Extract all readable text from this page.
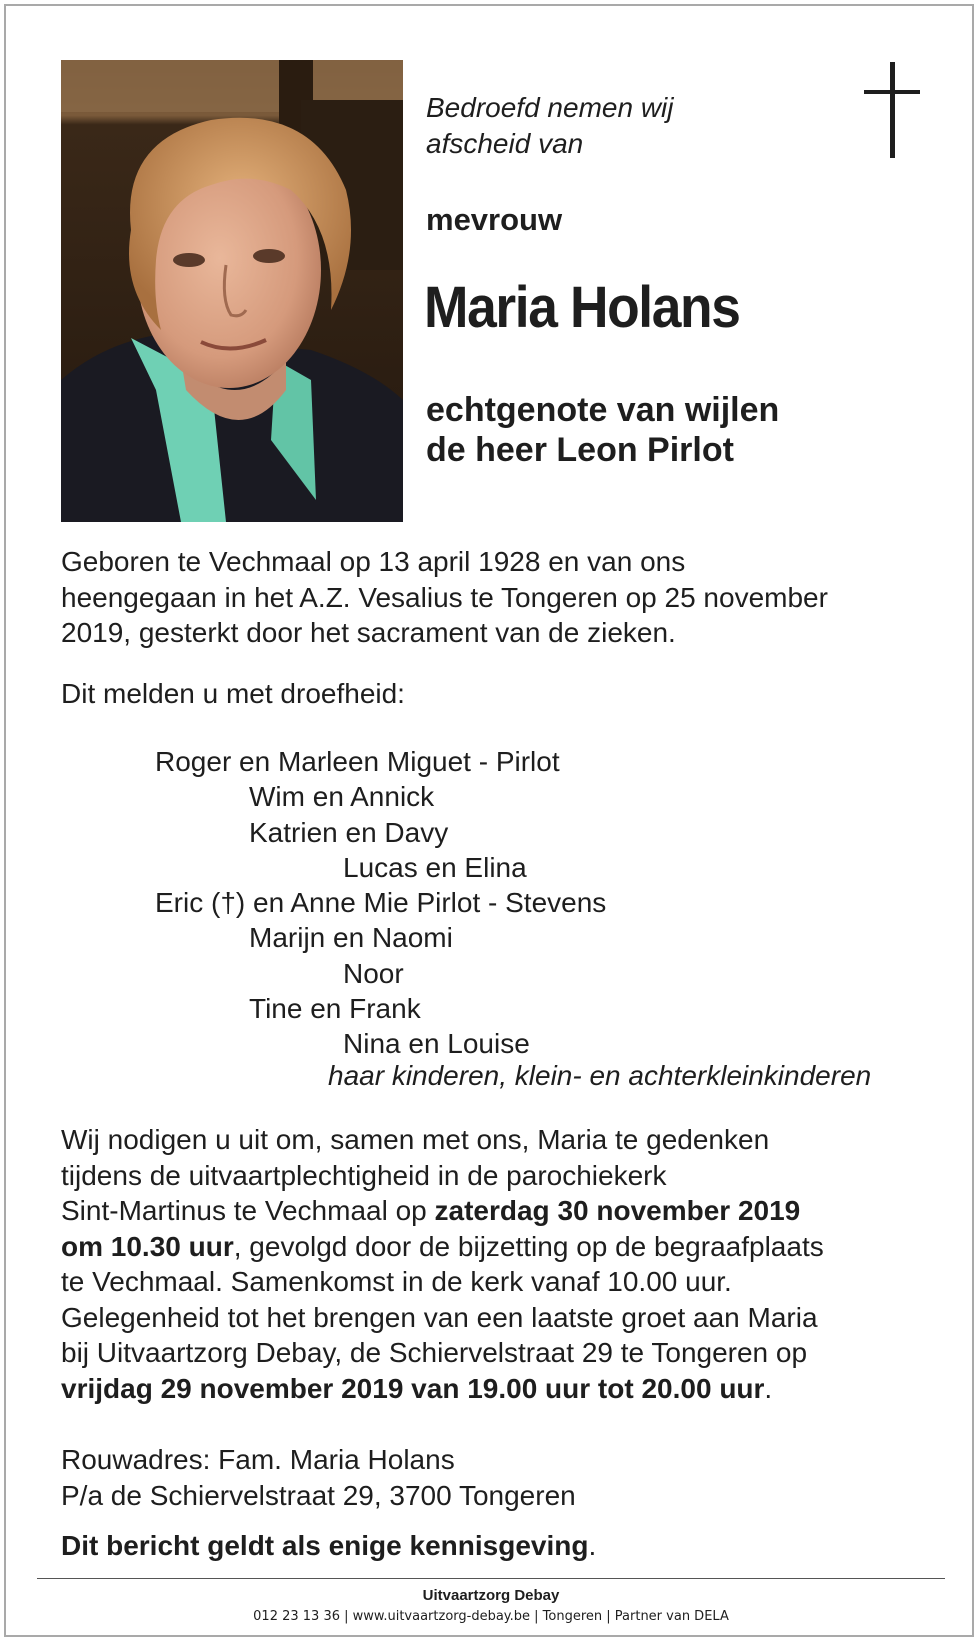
Bedroefd nemen wij
afscheid van
mevrouw
Maria Holans
echtgenote van wijlen
de heer Leon Pirlot
Geboren te Vechmaal op 13 april 1928 en van ons
heengegaan in het A.Z. Vesalius te Tongeren op 25 november
2019, gesterkt door het sacrament van de zieken.
Dit melden u met droefheid:
Roger en Marleen Miguet - Pirlot
Wim en Annick
Katrien en Davy
Lucas en Elina
Eric (†) en Anne Mie Pirlot - Stevens
Marijn en Naomi
Noor
Tine en Frank
Nina en Louise
haar kinderen, klein- en achterkleinkinderen
Wij nodigen u uit om, samen met ons, Maria te gedenken
tijdens de uitvaartplechtigheid in de parochiekerk
Sint-Martinus te Vechmaal op zaterdag 30 november 2019
om 10.30 uur, gevolgd door de bijzetting op de begraafplaats
te Vechmaal. Samenkomst in de kerk vanaf 10.00 uur.
Gelegenheid tot het brengen van een laatste groet aan Maria
bij Uitvaartzorg Debay, de Schiervelstraat 29 te Tongeren op
vrijdag 29 november 2019 van 19.00 uur tot 20.00 uur.
Rouwadres: Fam. Maria Holans
P/a de Schiervelstraat 29, 3700 Tongeren
Dit bericht geldt als enige kennisgeving.
Uitvaartzorg Debay
012 23 13 36 | www.uitvaartzorg-debay.be | Tongeren | Partner van DELA
